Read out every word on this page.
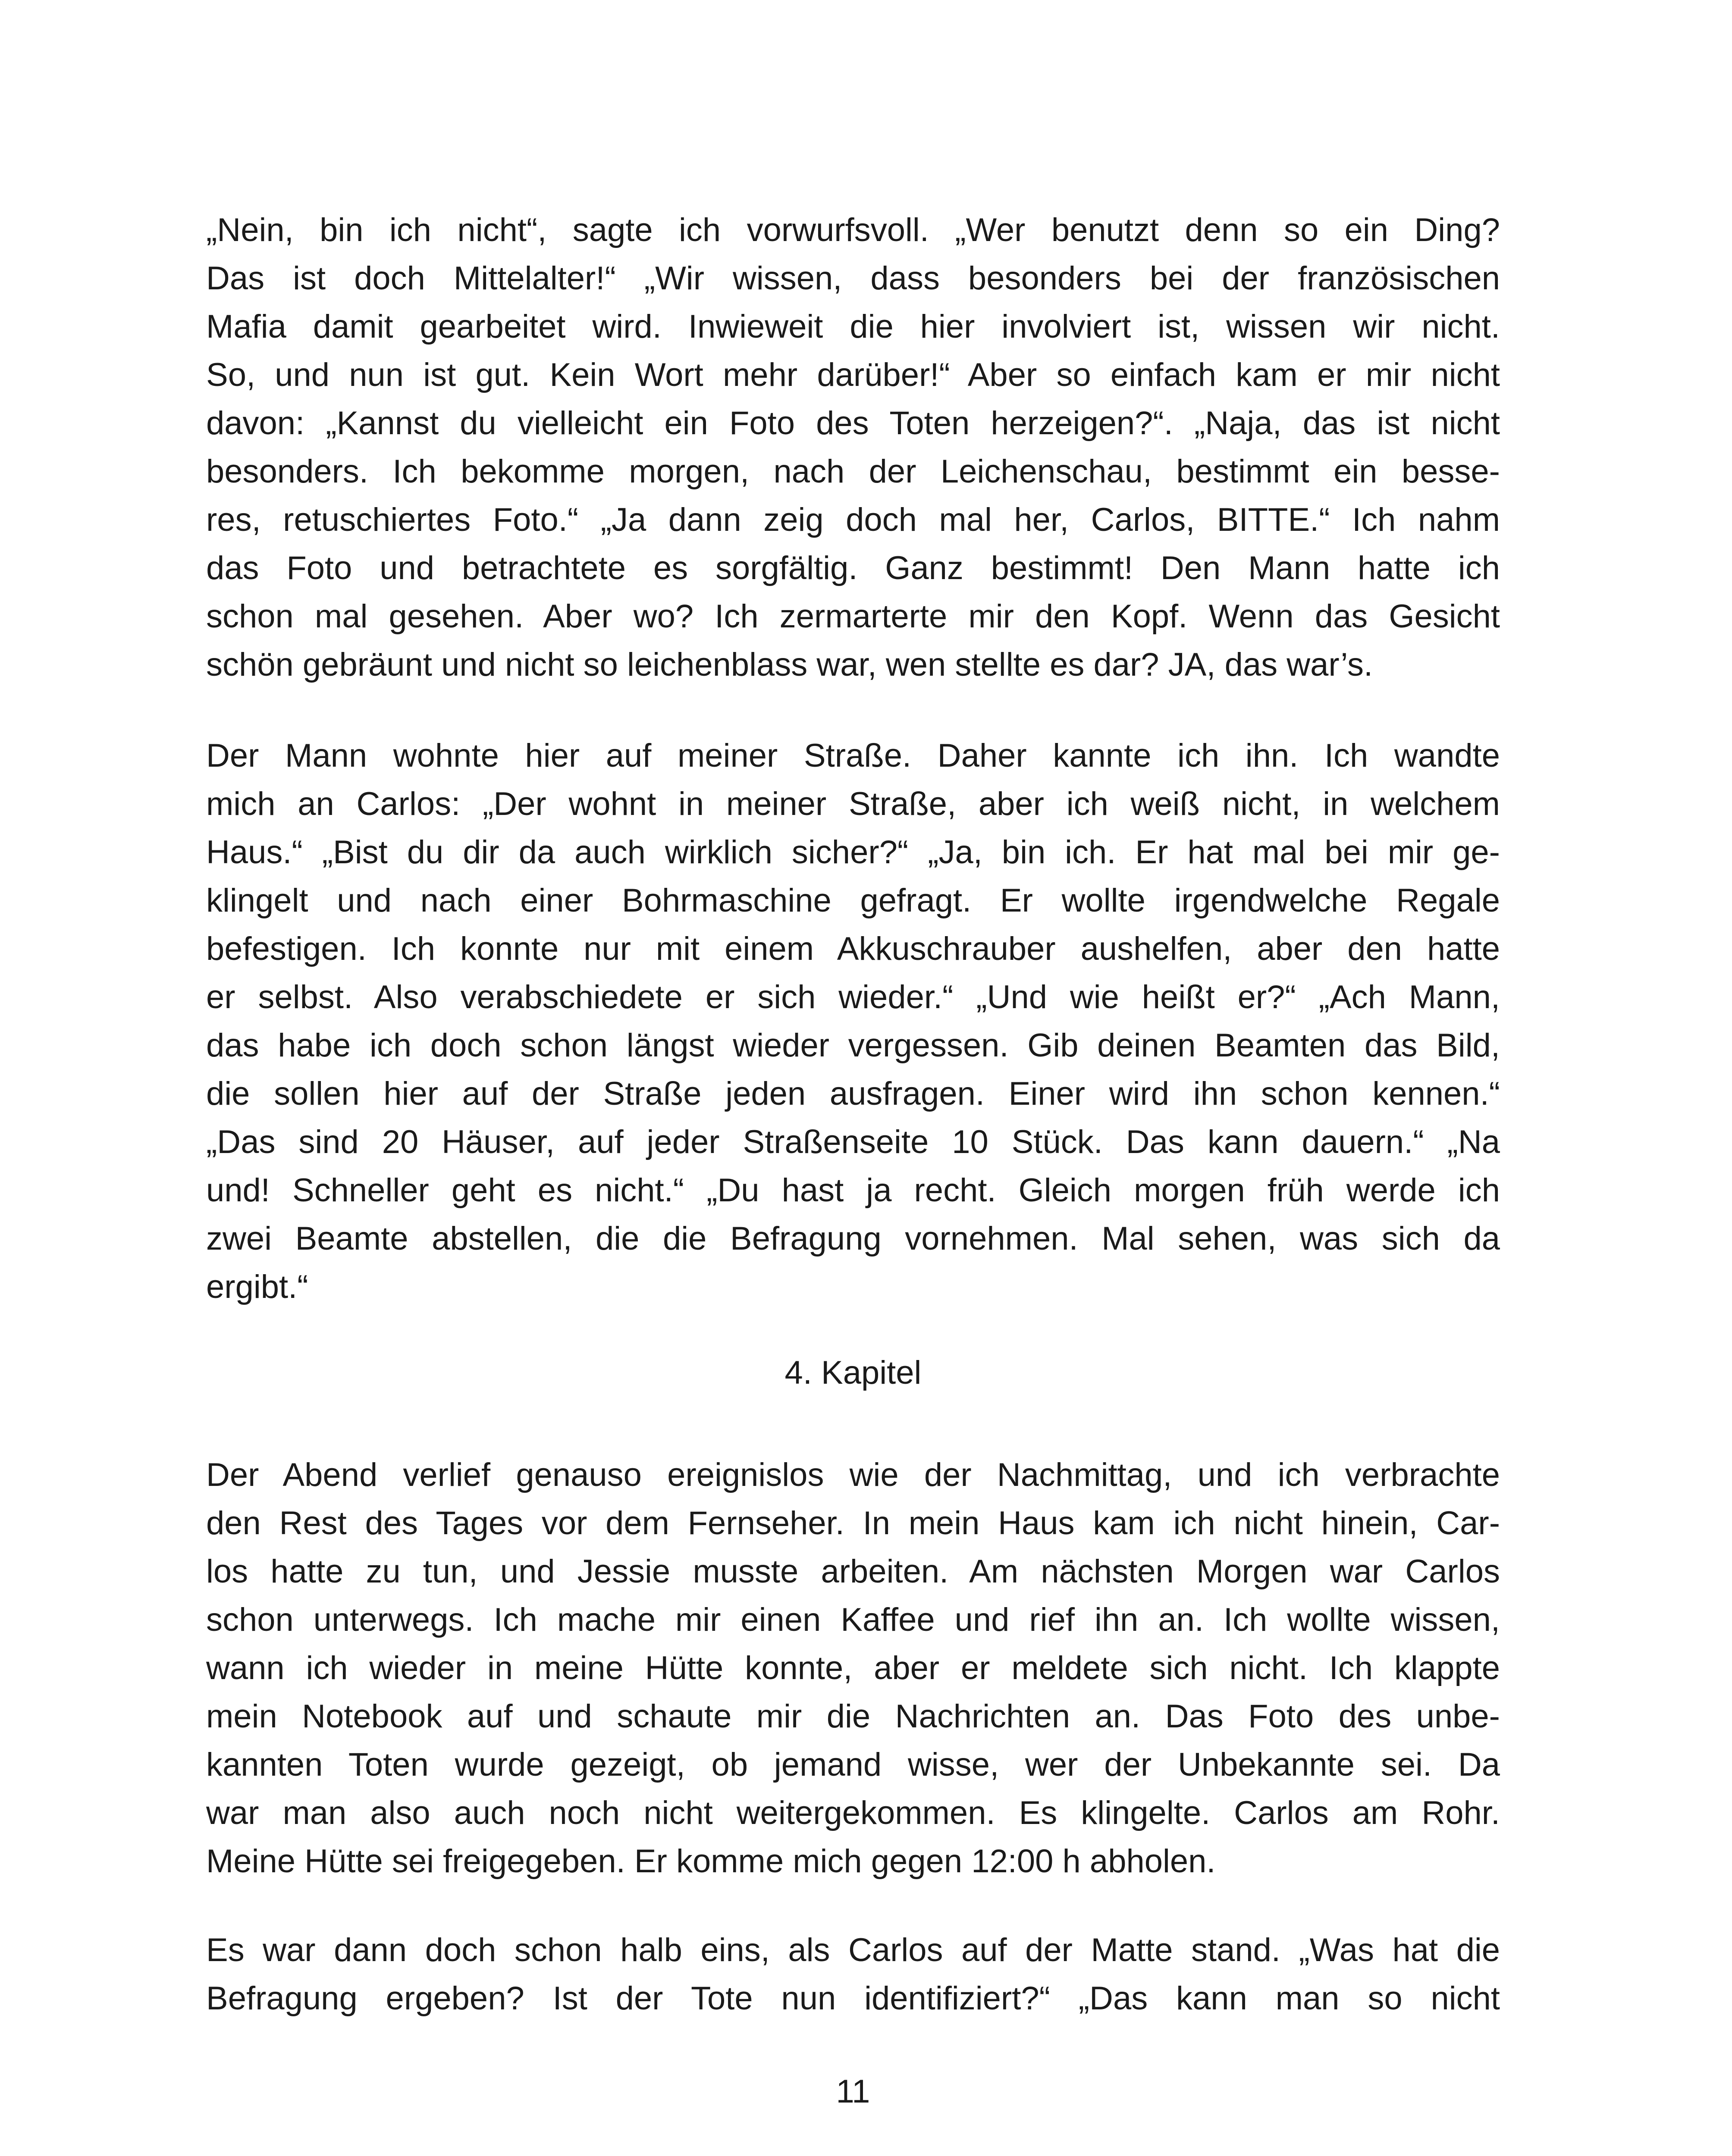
„Nein, bin ich nicht“, sagte ich vorwurfsvoll. „Wer benutzt denn so ein Ding?
Das ist doch Mittelalter!“ „Wir wissen, dass besonders bei der französischen
Mafia damit gearbeitet wird. Inwieweit die hier involviert ist, wissen wir nicht.
So, und nun ist gut. Kein Wort mehr darüber!“ Aber so einfach kam er mir nicht
davon: „Kannst du vielleicht ein Foto des Toten herzeigen?“. „Naja, das ist nicht
besonders. Ich bekomme morgen, nach der Leichenschau, bestimmt ein besse-
res, retuschiertes Foto.“ „Ja dann zeig doch mal her, Carlos, BITTE.“ Ich nahm
das Foto und betrachtete es sorgfältig. Ganz bestimmt! Den Mann hatte ich
schon mal gesehen. Aber wo? Ich zermarterte mir den Kopf. Wenn das Gesicht
schön gebräunt und nicht so leichenblass war, wen stellte es dar? JA, das war’s.
Der Mann wohnte hier auf meiner Straße. Daher kannte ich ihn. Ich wandte
mich an Carlos: „Der wohnt in meiner Straße, aber ich weiß nicht, in welchem
Haus.“ „Bist du dir da auch wirklich sicher?“ „Ja, bin ich. Er hat mal bei mir ge-
klingelt und nach einer Bohrmaschine gefragt. Er wollte irgendwelche Regale
befestigen. Ich konnte nur mit einem Akkuschrauber aushelfen, aber den hatte
er selbst. Also verabschiedete er sich wieder.“ „Und wie heißt er?“ „Ach Mann,
das habe ich doch schon längst wieder vergessen. Gib deinen Beamten das Bild,
die sollen hier auf der Straße jeden ausfragen. Einer wird ihn schon kennen.“
„Das sind 20 Häuser, auf jeder Straßenseite 10 Stück. Das kann dauern.“ „Na
und! Schneller geht es nicht.“ „Du hast ja recht. Gleich morgen früh werde ich
zwei Beamte abstellen, die die Befragung vornehmen. Mal sehen, was sich da
ergibt.“
4. Kapitel
Der Abend verlief genauso ereignislos wie der Nachmittag, und ich verbrachte
den Rest des Tages vor dem Fernseher. In mein Haus kam ich nicht hinein, Car-
los hatte zu tun, und Jessie musste arbeiten. Am nächsten Morgen war Carlos
schon unterwegs. Ich mache mir einen Kaffee und rief ihn an. Ich wollte wissen,
wann ich wieder in meine Hütte konnte, aber er meldete sich nicht. Ich klappte
mein Notebook auf und schaute mir die Nachrichten an. Das Foto des unbe-
kannten Toten wurde gezeigt, ob jemand wisse, wer der Unbekannte sei. Da
war man also auch noch nicht weitergekommen. Es klingelte. Carlos am Rohr.
Meine Hütte sei freigegeben. Er komme mich gegen 12:00 h abholen.
Es war dann doch schon halb eins, als Carlos auf der Matte stand. „Was hat die
Befragung ergeben? Ist der Tote nun identifiziert?“ „Das kann man so nicht
11
